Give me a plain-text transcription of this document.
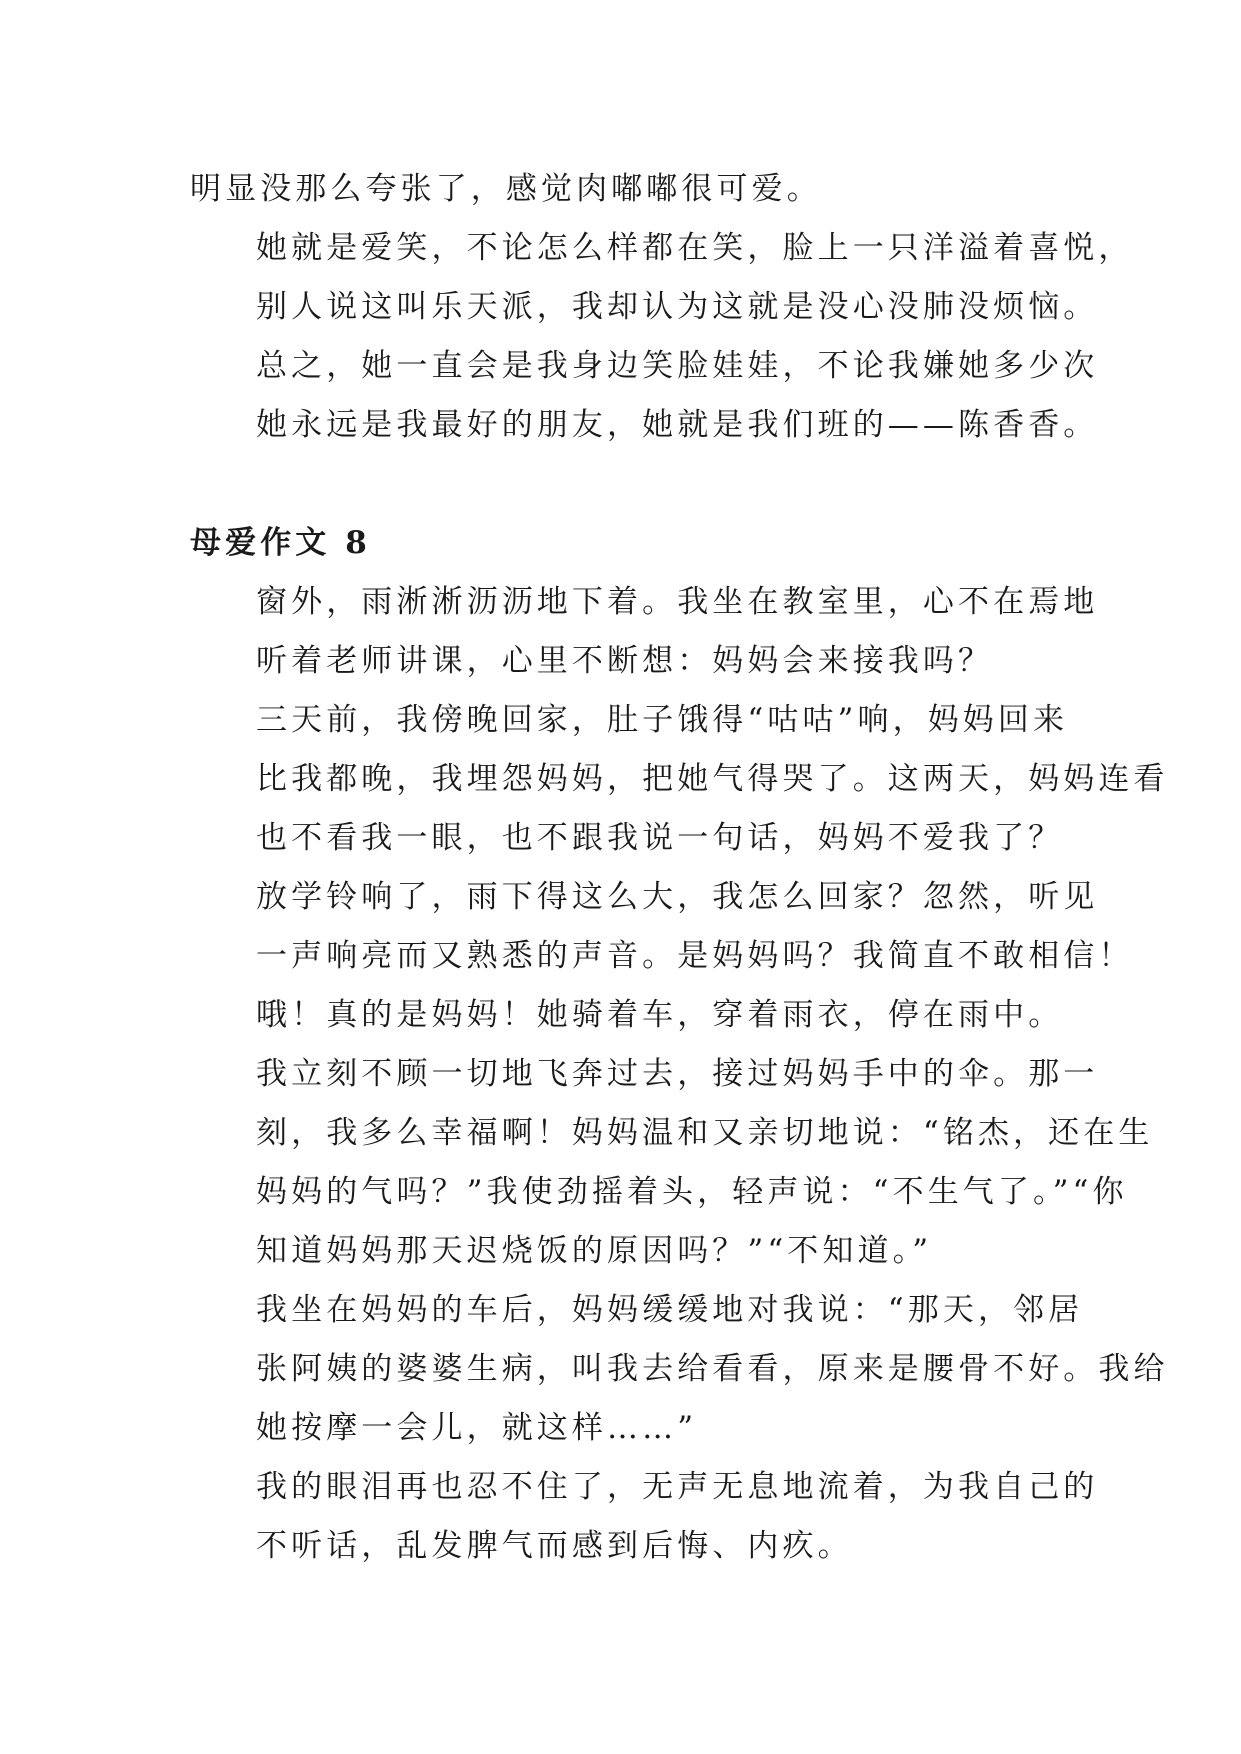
明显没那么夸张了，感觉肉嘟嘟很可爱。

她就是爱笑，不论怎么样都在笑，脸上一只洋溢着喜悦，
别人说这叫乐天派，我却认为这就是没心没肺没烦恼。

总之，她一直会是我身边笑脸娃娃，不论我嫌她多少次
她永远是我最好的朋友，她就是我们班的——陈香香。

母爱作文 8

窗外，雨淅淅沥沥地下着。我坐在教室里，心不在焉地
听着老师讲课，心里不断想：妈妈会来接我吗？

三天前，我傍晚回家，肚子饿得“咕咕”响，妈妈回来
比我都晚，我埋怨妈妈，把她气得哭了。这两天，妈妈连看
也不看我一眼，也不跟我说一句话，妈妈不爱我了？

放学铃响了，雨下得这么大，我怎么回家？忽然，听见
一声响亮而又熟悉的声音。是妈妈吗？我简直不敢相信！
哦！真的是妈妈！她骑着车，穿着雨衣，停在雨中。

我立刻不顾一切地飞奔过去，接过妈妈手中的伞。那一
刻，我多么幸福啊！妈妈温和又亲切地说：“铭杰，还在生
妈妈的气吗？”我使劲摇着头，轻声说：“不生气了。”“你
知道妈妈那天迟烧饭的原因吗？”“不知道。”

我坐在妈妈的车后，妈妈缓缓地对我说：“那天，邻居
张阿姨的婆婆生病，叫我去给看看，原来是腰骨不好。我给
她按摩一会儿，就这样……”

我的眼泪再也忍不住了，无声无息地流着，为我自己的
不听话，乱发脾气而感到后悔、内疚。
